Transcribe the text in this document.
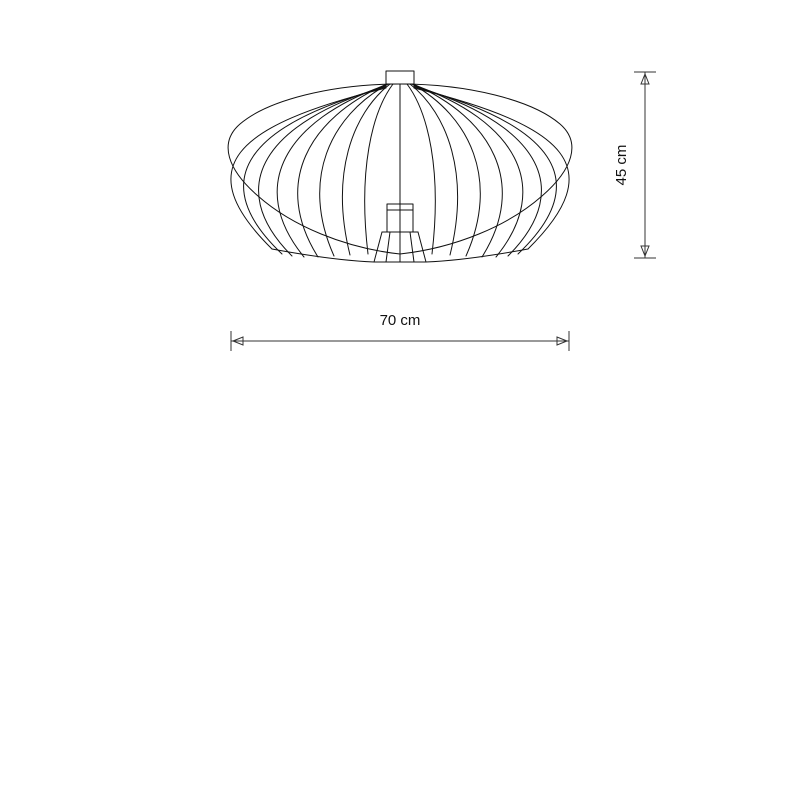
45 cm
70 cm
